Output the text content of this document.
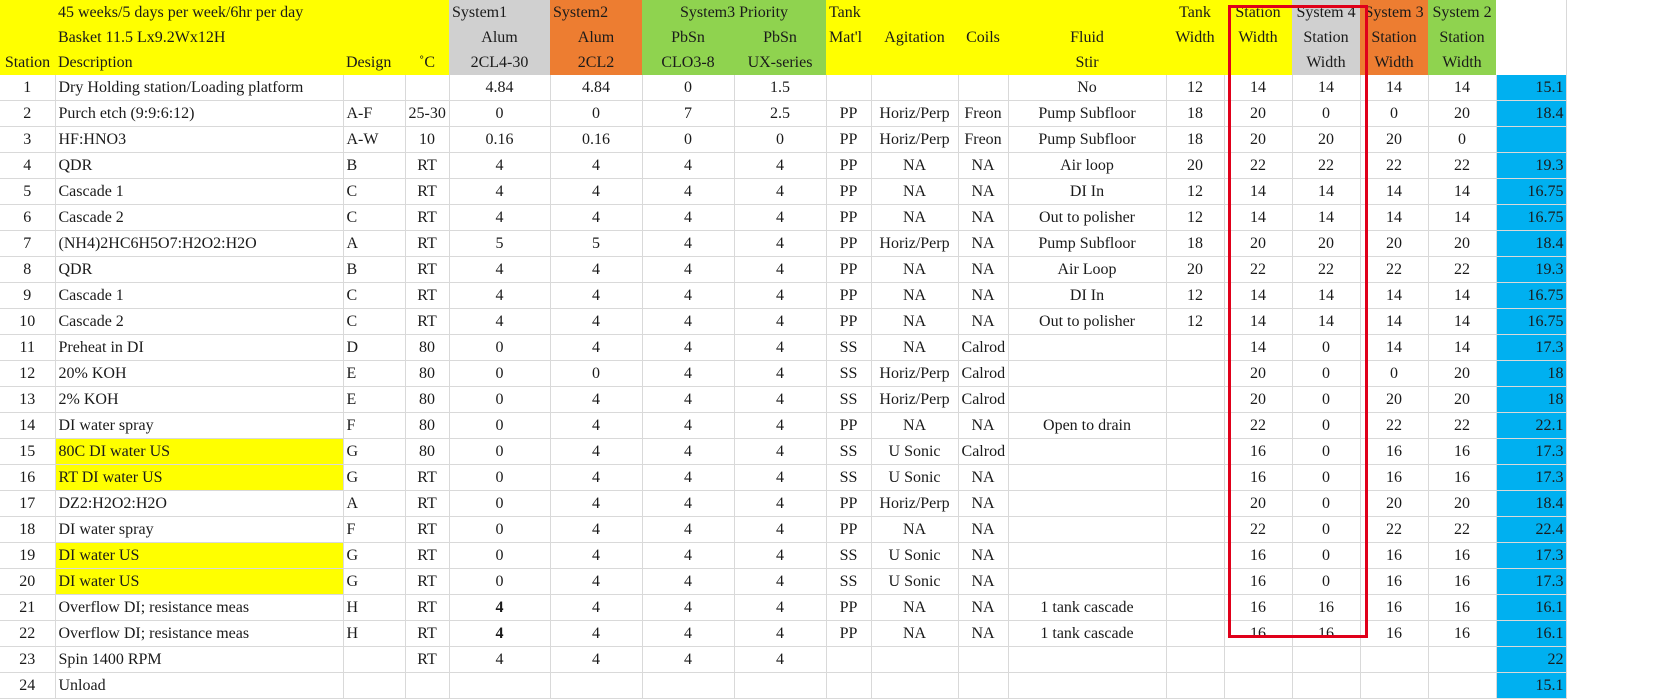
	45 weeks/5 days per week/6hr per day			System1	System2	System3 Priority		Tank				Tank	Station	System 4	System 3	System 2	
	Basket 11.5 Lx9.2Wx12H			Alum	Alum	PbSn	PbSn	Mat'l	Agitation	Coils	Fluid	Width	Width	Station	Station	Station	
Station	Description	Design	˚C	2CL4-30	2CL2	CLO3-8	UX-series				Stir			Width	Width	Width	
1	Dry Holding station/Loading platform			4.84	4.84	0	1.5				No	12	14	14	14	14	15.1
2	Purch etch (9:9:6:12)	A-F	25-30	0	0	7	2.5	PP	Horiz/Perp	Freon	Pump Subfloor	18	20	0	0	20	18.4
3	HF:HNO3	A-W	10	0.16	0.16	0	0	PP	Horiz/Perp	Freon	Pump Subfloor	18	20	20	20	0	
4	QDR	B	RT	4	4	4	4	PP	NA	NA	Air loop	20	22	22	22	22	19.3
5	Cascade 1	C	RT	4	4	4	4	PP	NA	NA	DI In	12	14	14	14	14	16.75
6	Cascade 2	C	RT	4	4	4	4	PP	NA	NA	Out to polisher	12	14	14	14	14	16.75
7	(NH4)2HC6H5O7:H2O2:H2O	A	RT	5	5	4	4	PP	Horiz/Perp	NA	Pump Subfloor	18	20	20	20	20	18.4
8	QDR	B	RT	4	4	4	4	PP	NA	NA	Air Loop	20	22	22	22	22	19.3
9	Cascade 1	C	RT	4	4	4	4	PP	NA	NA	DI In	12	14	14	14	14	16.75
10	Cascade 2	C	RT	4	4	4	4	PP	NA	NA	Out to polisher	12	14	14	14	14	16.75
11	Preheat in DI	D	80	0	4	4	4	SS	NA	Calrod			14	0	14	14	17.3
12	20% KOH	E	80	0	0	4	4	SS	Horiz/Perp	Calrod			20	0	0	20	18
13	2% KOH	E	80	0	4	4	4	SS	Horiz/Perp	Calrod			20	0	20	20	18
14	DI water spray	F	80	0	4	4	4	PP	NA	NA	Open to drain		22	0	22	22	22.1
15	80C DI water US	G	80	0	4	4	4	SS	U Sonic	Calrod			16	0	16	16	17.3
16	RT DI water US	G	RT	0	4	4	4	SS	U Sonic	NA			16	0	16	16	17.3
17	DZ2:H2O2:H2O	A	RT	0	4	4	4	PP	Horiz/Perp	NA			20	0	20	20	18.4
18	DI water spray	F	RT	0	4	4	4	PP	NA	NA			22	0	22	22	22.4
19	DI water US	G	RT	0	4	4	4	SS	U Sonic	NA			16	0	16	16	17.3
20	DI water US	G	RT	0	4	4	4	SS	U Sonic	NA			16	0	16	16	17.3
21	Overflow DI; resistance meas	H	RT	4	4	4	4	PP	NA	NA	1 tank cascade		16	16	16	16	16.1
22	Overflow DI; resistance meas	H	RT	4	4	4	4	PP	NA	NA	1 tank cascade		16	16	16	16	16.1
23	Spin 1400 RPM		RT	4	4	4	4										22
24	Unload																15.1
